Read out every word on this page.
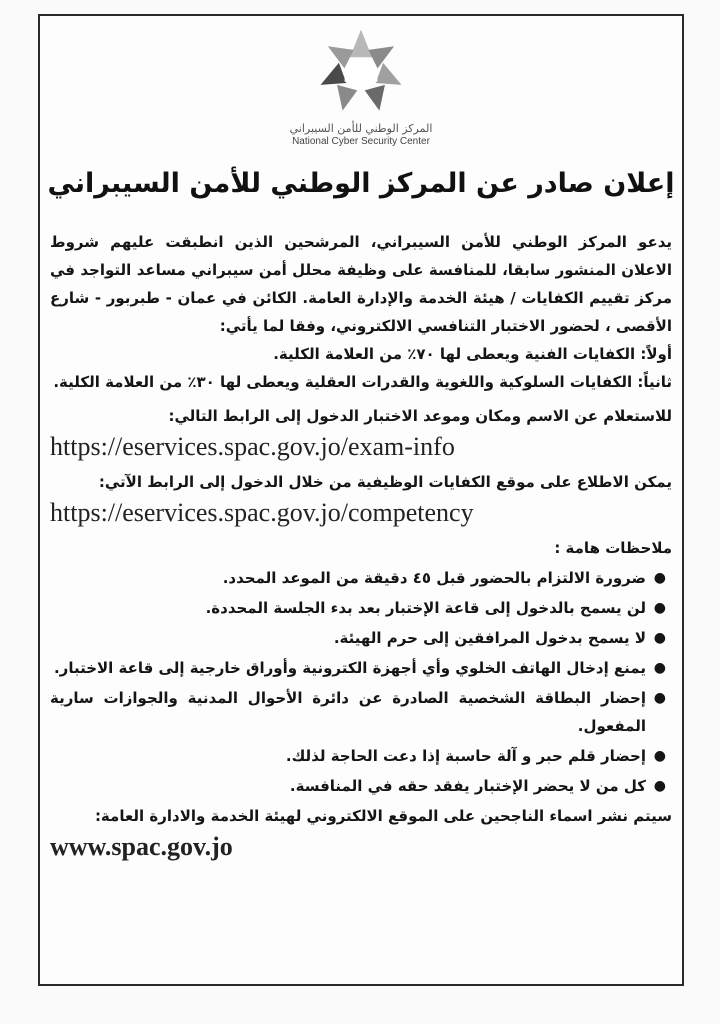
المركز الوطني للأمن السيبراني
National Cyber Security Center
إعلان صادر عن المركز الوطني للأمن السيبراني

يدعو المركز الوطني للأمن السيبراني، المرشحين الذين انطبقت عليهم شروط الاعلان المنشور سابقا، للمنافسة على وظيفة محلل أمن سيبراني مساعد التواجد في مركز تقييم الكفايات / هيئة الخدمة والإدارة العامة. الكائن في عمان - طبربور - شارع الأقصى ، لحضور الاختبار التنافسي الالكتروني، وفقا لما يأتي:

أولاً: الكفايات الفنية ويعطى لها ٧٠٪ من العلامة الكلية.

ثانياً: الكفايات السلوكية واللغوية والقدرات العقلية ويعطى لها ٣٠٪ من العلامة الكلية.

للاستعلام عن الاسم ومكان وموعد الاختبار الدخول إلى الرابط التالي:

https://eservices.spac.gov.jo/exam-info

يمكن الاطلاع على موقع الكفايات الوظيفية من خلال الدخول إلى الرابط الآتي:

https://eservices.spac.gov.jo/competency

ملاحظات هامة :

●
ضرورة الالتزام بالحضور قبل ٤٥ دقيقة من الموعد المحدد.
●
لن يسمح بالدخول إلى قاعة الإختبار بعد بدء الجلسة المحددة.
●
لا يسمح بدخول المرافقين إلى حرم الهيئة.
●
يمنع إدخال الهاتف الخلوي وأي أجهزة الكترونية وأوراق خارجية إلى قاعة الاختبار.
●
إحضار البطاقة الشخصية الصادرة عن دائرة الأحوال المدنية والجوازات سارية المفعول.
●
إحضار قلم حبر و آلة حاسبة إذا دعت الحاجة لذلك.
●
كل من لا يحضر الإختبار يفقد حقه في المنافسة.

سيتم نشر اسماء الناجحين على الموقع الالكتروني لهيئة الخدمة والادارة العامة:

www.spac.gov.jo
